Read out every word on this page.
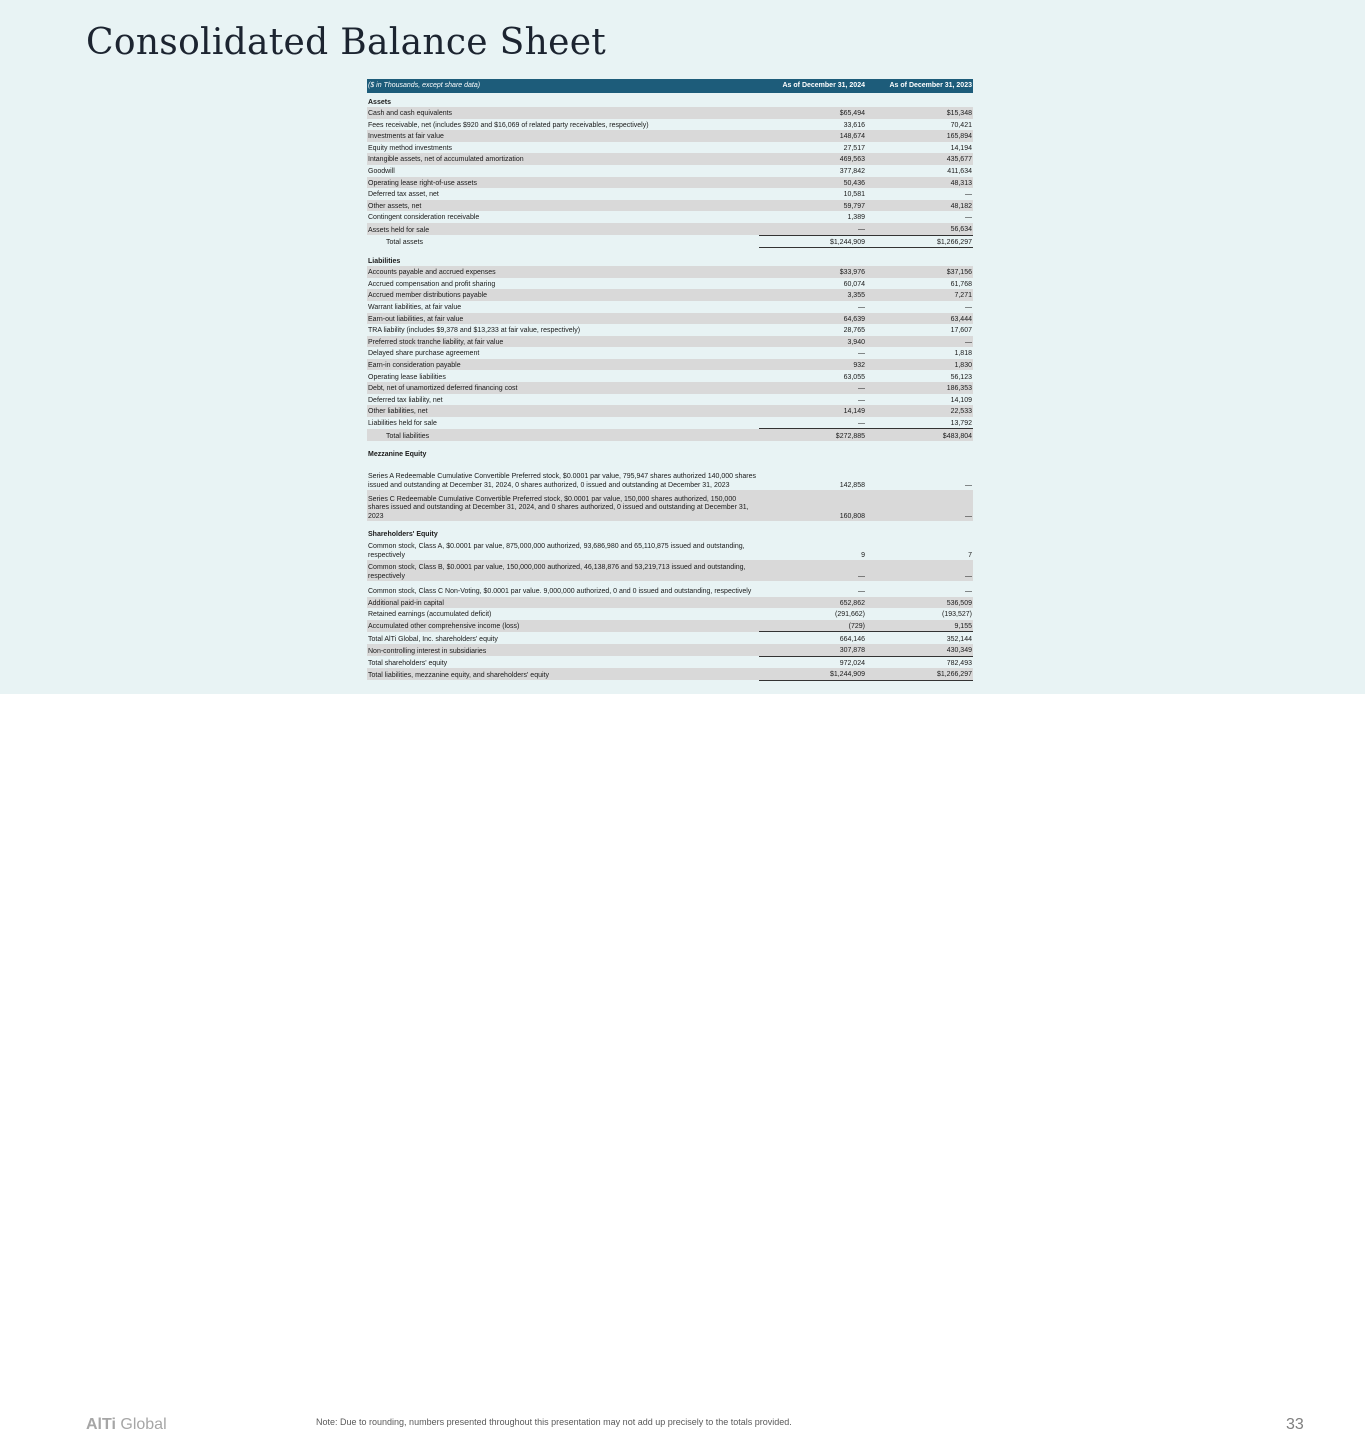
Consolidated Balance Sheet
($ in Thousands, except share data)	As of December 31, 2024	As of December 31, 2023
Assets		
Cash and cash equivalents	$65,494	$15,348
Fees receivable, net (includes $920 and $16,069 of related party receivables, respectively)	33,616	70,421
Investments at fair value	148,674	165,894
Equity method investments	27,517	14,194
Intangible assets, net of accumulated amortization	469,563	435,677
Goodwill	377,842	411,634
Operating lease right-of-use assets	50,436	48,313
Deferred tax asset, net	10,581	—
Other assets, net	59,797	48,182
Contingent consideration receivable	1,389	—
Assets held for sale	—	56,634
Total assets	$1,244,909	$1,266,297

Liabilities		
Accounts payable and accrued expenses	$33,976	$37,156
Accrued compensation and profit sharing	60,074	61,768
Accrued member distributions payable	3,355	7,271
Warrant liabilities, at fair value	—	—
Earn-out liabilities, at fair value	64,639	63,444
TRA liability (includes $9,378 and $13,233 at fair value, respectively)	28,765	17,607
Preferred stock tranche liability, at fair value	3,940	—
Delayed share purchase agreement	—	1,818
Earn-in consideration payable	932	1,830
Operating lease liabilities	63,055	56,123
Debt, net of unamortized deferred financing cost	—	186,353
Deferred tax liability, net	—	14,109
Other liabilities, net	14,149	22,533
Liabilities held for sale	—	13,792
Total liabilities	$272,885	$483,804

Mezzanine Equity		
Series A Redeemable Cumulative Convertible Preferred stock, $0.0001 par value, 795,947 shares authorized 140,000 shares issued and outstanding at December 31, 2024, 0 shares authorized, 0 issued and outstanding at December 31, 2023	142,858	—
Series C Redeemable Cumulative Convertible Preferred stock, $0.0001 par value, 150,000 shares authorized, 150,000 shares issued and outstanding at December 31, 2024, and 0 shares authorized, 0 issued and outstanding at December 31, 2023	160,808	—

Shareholders' Equity		
Common stock, Class A, $0.0001 par value, 875,000,000 authorized, 93,686,980 and 65,110,875 issued and outstanding, respectively	9	7
Common stock, Class B, $0.0001 par value, 150,000,000 authorized, 46,138,876 and 53,219,713 issued and outstanding, respectively	—	—

Common stock, Class C Non-Voting, $0.0001 par value. 9,000,000 authorized, 0 and 0 issued and outstanding, respectively	—	—
Additional paid-in capital	652,862	536,509
Retained earnings (accumulated deficit)	(291,662)	(193,527)
Accumulated other comprehensive income (loss)	(729)	9,155
Total AlTi Global, Inc. shareholders' equity	664,146	352,144
Non-controlling interest in subsidiaries	307,878	430,349
Total shareholders' equity	972,024	782,493
Total liabilities, mezzanine equity, and shareholders' equity	$1,244,909	$1,266,297
AlTi Global	Note: Due to rounding, numbers presented throughout this presentation may not add up precisely to the totals provided.	33
